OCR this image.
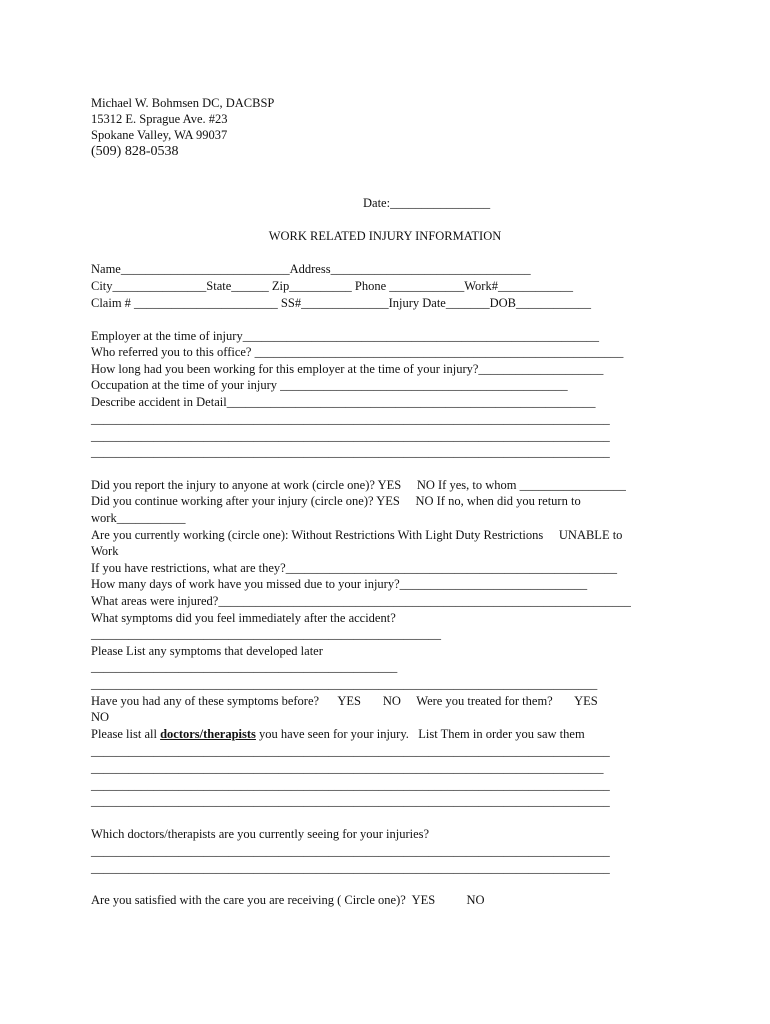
Michael W. Bohmsen DC, DACBSP
15312 E. Sprague Ave. #23
Spokane Valley, WA 99037
(509) 828-0538
Date:________________
WORK RELATED INJURY INFORMATION
Name___________________________Address________________________________
City_______________State______ Zip__________ Phone ____________Work#____________
Claim # _______________________ SS#______________Injury Date_______DOB____________
Employer at the time of injury_________________________________________________________
Who referred you to this office? ___________________________________________________________
How long had you been working for this employer at the time of your injury?____________________
Occupation at the time of your injury ______________________________________________
Describe accident in Detail___________________________________________________________
___________________________________________________________________________________
___________________________________________________________________________________
___________________________________________________________________________________
Did you report the injury to anyone at work (circle one)? YES     NO If yes, to whom _________________
Did you continue working after your injury (circle one)? YES     NO If no, when did you return to
work___________
Are you currently working (circle one): Without Restrictions With Light Duty Restrictions     UNABLE to
Work
If you have restrictions, what are they?_____________________________________________________
How many days of work have you missed due to your injury?______________________________
What areas were injured?__________________________________________________________________
What symptoms did you feel immediately after the accident?
________________________________________________________
Please List any symptoms that developed later
_________________________________________________
_________________________________________________________________________________
Have you had any of these symptoms before?      YES       NO     Were you treated for them?       YES
NO
Please list all doctors/therapists you have seen for your injury.   List Them in order you saw them
___________________________________________________________________________________
__________________________________________________________________________________
___________________________________________________________________________________
___________________________________________________________________________________
Which doctors/therapists are you currently seeing for your injuries?
___________________________________________________________________________________
___________________________________________________________________________________
Are you satisfied with the care you are receiving ( Circle one)?  YES          NO
